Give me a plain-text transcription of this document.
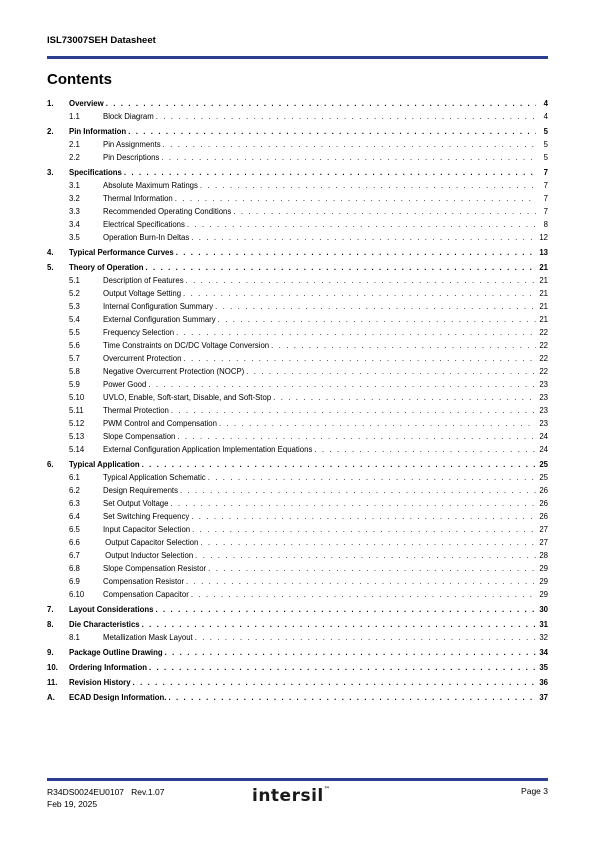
ISL73007SEH Datasheet
Contents
1.	Overview . . .	4
1.1	Block Diagram . . .	4
2.	Pin Information . . .	5
2.1	Pin Assignments . . .	5
2.2	Pin Descriptions . . .	5
3.	Specifications . . .	7
3.1	Absolute Maximum Ratings . . .	7
3.2	Thermal Information . . .	7
3.3	Recommended Operating Conditions . . .	7
3.4	Electrical Specifications . . .	8
3.5	Operation Burn-In Deltas . . .	12
4.	Typical Performance Curves . . .	13
5.	Theory of Operation . . .	21
5.1	Description of Features . . .	21
5.2	Output Voltage Setting . . .	21
5.3	Internal Configuration Summary . . .	21
5.4	External Configuration Summary . . .	21
5.5	Frequency Selection . . .	22
5.6	Time Constraints on DC/DC Voltage Conversion . . .	22
5.7	Overcurrent Protection . . .	22
5.8	Negative Overcurrent Protection (NOCP) . . .	22
5.9	Power Good . . .	23
5.10	UVLO, Enable, Soft-start, Disable, and Soft-Stop . . .	23
5.11	Thermal Protection . . .	23
5.12	PWM Control and Compensation . . .	23
5.13	Slope Compensation . . .	24
5.14	External Configuration Application Implementation Equations . . .	24
6.	Typical Application . . .	25
6.1	Typical Application Schematic . . .	25
6.2	Design Requirements . . .	26
6.3	Set Output Voltage . . .	26
6.4	Set Switching Frequency . . .	26
6.5	Input Capacitor Selection . . .	27
6.6	Output Capacitor Selection . . .	27
6.7	Output Inductor Selection . . .	28
6.8	Slope Compensation Resistor . . .	29
6.9	Compensation Resistor . . .	29
6.10	Compensation Capacitor . . .	29
7.	Layout Considerations . . .	30
8.	Die Characteristics . . .	31
8.1	Metallization Mask Layout . . .	32
9.	Package Outline Drawing . . .	34
10.	Ordering Information . . .	35
11.	Revision History . . .	36
A.	ECAD Design Information. . . .	37
R34DS0024EU0107 Rev.1.07
Feb 19, 2025	intersil™	Page 3
